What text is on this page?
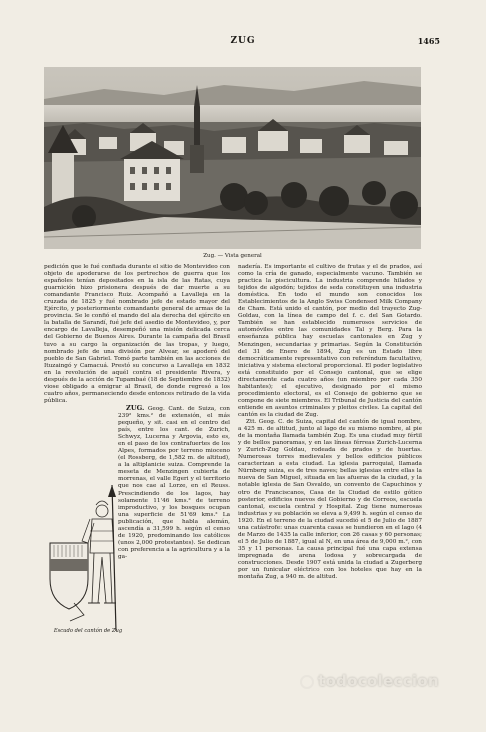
ZUG	1465
Zug. — Vista general

pedición que le fué confiada durante el sitio de Montevideo con objeto de apoderarse de los pertrechos de guerra que los españoles tenían depositados en la isla de las Ratas, cuya guarnición hizo prisionera después de dar muerte a su comandante Francisco Ruiz. Acompañó a Lavalleja en la cruzada de 1825 y fué nombrado jefe de estado mayor del Ejército, y posteriormente comandante general de armas de la provincia. Se le confió el mando del ala derecha del ejército en la batalla de Sarandí, fué jefe del asedio de Montevideo, y, por encargo de Lavalleja, desempeñó una misión delicada cerca del Gobierno de Buenos Aires. Durante la campaña del Brasil tuvo a su cargo la organización de las tropas, y luego, nombrado jefe de una división por Alvear, se apoderó del pueblo de San Gabriel. Tomó parte también en las acciones de Ituzaingó y Camacuá. Prestó su concurso a Lavalleja en 1832 en la revolución de aquél contra el presidente Rivera, y después de la acción de Tupambaé (18 de Septiembre de 1832) viose obligado a emigrar al Brasil, de donde regresó a los cuatro años, permaneciendo desde entonces retirado de la vida pública.

ZUG. Geog. Cant. de Suiza, con 239² kms.² de extensión, el más pequeño, y sit. casi en el centro del país, entre los cant. de Zurich, Schwyz, Lucerna y Argovia, esto es, en el paso de los contrafuertes de los Alpes, formados por terreno mioceno (el Rossberg, de 1,582 m. de altitud), a la altiplanicie suiza. Comprende la meseta de Menzingen cubierta de morrenas, el valle Egeri y el territorio que nos cae al Lorze, en el Reuss. Prescindiendo de los lagos, hay solamente 11'46 kms.² de terreno improductivo, y los bosques ocupan una superficie de 51'69 kms.² La publicación, que habla alemán, ascendía a 31,599 h. según el censo de 1920, predominando los católicos (unos 2,000 protestantes). Se dedican con preferencia a la agricultura y a la ga-

nadería. Es importante el cultivo de frutas y el de prados, así como la cría de ganado, especialmente vacuno. También se practica la piscicultura. La industria comprende hilados y tejidos de algodón; tejidos de seda constituyen una industria doméstica. En todo el mundo son conocidos los Establecimientos de la Anglo Swiss Condensed Milk Company de Cham. Está unido el cantón, por medio del trayecto Zug-Goldau, con la línea de campo del f. c. del San Gotardo. También se han establecido numerosos servicios de automóviles entre las comunidades Tal y Berg. Para la enseñanza pública hay escuelas cantonales en Zug y Menzingen, secundarias y primarias. Según la Constitución del 31 de Enero de 1894, Zug es un Estado libre democráticamente representativo con referéndum facultativo, iniciativa y sistema electoral proporcional. El poder legislativo está constituido por el Consejo cantonal, que se elige directamente cada cuatro años (un miembro por cada 350 habitantes); el ejecutivo, designado por el mismo procedimiento electoral, es el Consejo de gobierno que se compone de siete miembros. El Tribunal de Justicia del cantón entiende en asuntos criminales y pleitos civiles. La capital del cantón es la ciudad de Zug.

Ztt. Geog. C. de Suiza, capital del cantón de igual nombre, a 425 m. de altitud, junto al lago de su mismo nombre, al pie de la montaña llamada también Zug. Es una ciudad muy fértil y de bellos panoramas, y en las líneas férreas Zurich-Lucerna y Zurich-Zug Goldau, rodeada de prados y de huertas. Numerosas torres medievales y bellos edificios públicos caracterizan a esta ciudad. La iglesia parroquial, llamada Nürnberg suiza, es de tres naves; bellas iglesias entre ellas la nueva de San Miguel, situada en las afueras de la ciudad, y la notable iglesia de San Osvaldo, un convento de Capuchinos y otro de Franciscanos, Casa de la Ciudad de estilo gótico posterior, edificios nuevos del Gobierno y de Correos, escuela cantonal, escuela central y Hospital. Zug tiene numerosas industrias y su población se eleva a 9,499 h. según el censo de 1920. En el terreno de la ciudad sucedió el 5 de Julio de 1887 una catástrofe: unas cuarenta casas se hundieron en el lago (4 de Marzo de 1435 la calle inferior, con 26 casas y 60 personas; el 5 de Julio de 1887, igual al N, en una área de 9,000 m.², con 35 y 11 personas. La causa principal fué una capa extensa impregnada de arena lodosa y sobrecargada de construcciones. Desde 1907 está unida la ciudad a Zugerberg por un funicular eléctrico con los hoteles que hay en la montaña Zug, a 940 m. de altitud.

Escudo del cantón de Zug
todocoleccion
